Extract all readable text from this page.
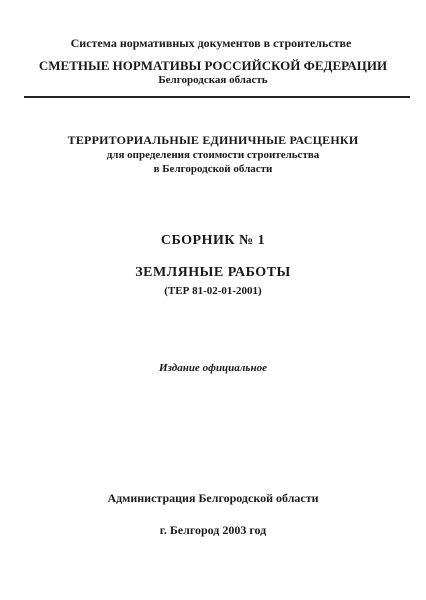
Система нормативных документов в строительстве
СМЕТНЫЕ НОРМАТИВЫ РОССИЙСКОЙ ФЕДЕРАЦИИ
Белгородская область
ТЕРРИТОРИАЛЬНЫЕ ЕДИНИЧНЫЕ РАСЦЕНКИ
для определения стоимости строительства
в Белгородской области
СБОРНИК № 1
ЗЕМЛЯНЫЕ РАБОТЫ
(ТЕР 81-02-01-2001)
Издание официальное
Администрация Белгородской области
г. Белгород 2003 год
